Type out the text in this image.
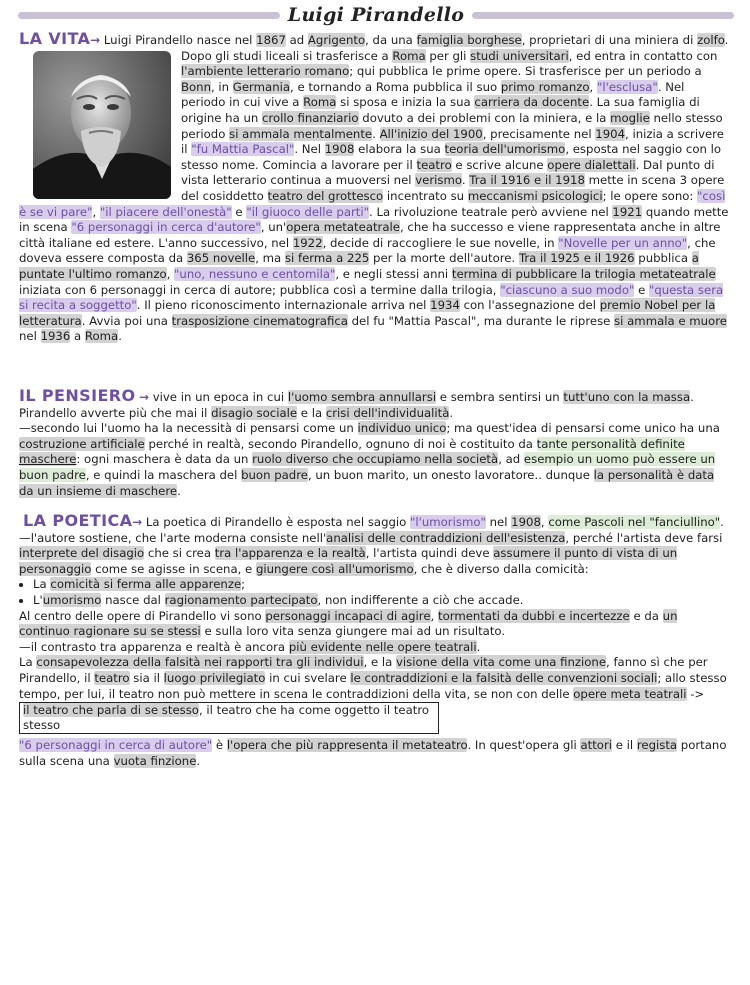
Luigi Pirandello

LA VITA→ Luigi Pirandello nasce nel 1867 ad Agrigento, da una famiglia borghese, proprietari di una miniera di zolfo. Dopo gli studi liceali si trasferisce a Roma per gli studi universitari, ed entra in contatto con
l'ambiente letterario romano; qui pubblica le prime opere. Si trasferisce per un periodo a Bonn, in Germania, e tornando a Roma pubblica il suo primo romanzo, "l'esclusa". Nel periodo in cui vive a Roma si sposa e inizia la sua carriera da docente. La sua famiglia di origine ha un crollo finanziario dovuto a dei problemi con la miniera, e la moglie nello stesso periodo si ammala mentalmente. All'inizio del 1900, precisamente nel 1904, inizia a scrivere il "fu Mattia Pascal". Nel 1908 elabora la sua teoria dell'umorismo, esposta nel saggio con lo stesso nome. Comincia a lavorare per il teatro e scrive alcune opere dialettali. Dal punto di vista letterario continua a muoversi nel verismo. Tra il 1916 e il 1918 mette in scena 3 opere del cosiddetto teatro del grottesco incentrato su meccanismi psicologici; le opere sono: "così è se vi pare", "il piacere dell'onestà" e "il giuoco delle parti". La rivoluzione teatrale però avviene nel 1921 quando mette in scena "6 personaggi in cerca d'autore", un'opera metateatrale, che ha successo e viene rappresentata anche in altre città italiane ed estere. L'anno successivo, nel 1922, decide di raccogliere le sue novelle, in "Novelle per un anno", che doveva essere composta da 365 novelle, ma si ferma a 225 per la morte dell'autore. Tra il 1925 e il 1926 pubblica a puntate l'ultimo romanzo, "uno, nessuno e centomila", e negli stessi anni termina di pubblicare la trilogia metateatrale iniziata con 6 personaggi in cerca di autore; pubblica così a termine dalla trilogia, "ciascuno a suo modo" e "questa sera si recita a soggetto". Il pieno riconoscimento internazionale arriva nel 1934 con l'assegnazione del premio Nobel per la letteratura. Avvia poi una trasposizione cinematografica del fu "Mattia Pascal", ma durante le riprese si ammala e muore nel 1936 a Roma.

IL PENSIERO → vive in un epoca in cui l'uomo sembra annullarsi e sembra sentirsi un tutt'uno con la massa. Pirandello avverte più che mai il disagio sociale e la crisi dell'individualità.

—secondo lui l'uomo ha la necessità di pensarsi come un individuo unico; ma quest'idea di pensarsi come unico ha una costruzione artificiale perché in realtà, secondo Pirandello, ognuno di noi è costituito da tante personalità definite maschere: ogni maschera è data da un ruolo diverso che occupiamo nella società, ad esempio un uomo può essere un buon padre, e quindi la maschera del buon padre, un buon marito, un onesto lavoratore.. dunque la personalità è data da un insieme di maschere.

LA POETICA→ La poetica di Pirandello è esposta nel saggio "l'umorismo" nel 1908, come Pascoli nel "fanciullino".

—l'autore sostiene, che l'arte moderna consiste nell'analisi delle contraddizioni dell'esistenza, perché l'artista deve farsi interprete del disagio che si crea tra l'apparenza e la realtà, l'artista quindi deve assumere il punto di vista di un personaggio come se agisse in scena, e giungere così all'umorismo, che è diverso dalla comicità:

• La comicità si ferma alle apparenze;
• L'umorismo nasce dal ragionamento partecipato, non indifferente a ciò che accade.

Al centro delle opere di Pirandello vi sono personaggi incapaci di agire, tormentati da dubbi e incertezze e da un continuo ragionare su se stessi e sulla loro vita senza giungere mai ad un risultato.

—il contrasto tra apparenza e realtà è ancora più evidente nelle opere teatrali.

La consapevolezza della falsità nei rapporti tra gli individui, e la visione della vita come una finzione, fanno sì che per Pirandello, il teatro sia il luogo privilegiato in cui svelare le contraddizioni e la falsità delle convenzioni sociali; allo stesso tempo, per lui, il teatro non può mettere in scena le contraddizioni della vita, se non con delle opere meta teatrali -> il teatro che parla di se stesso, il teatro che ha come oggetto il teatro stesso

"6 personaggi in cerca di autore" è l'opera che più rappresenta il metateatro. In quest'opera gli attori e il regista portano sulla scena una vuota finzione.
